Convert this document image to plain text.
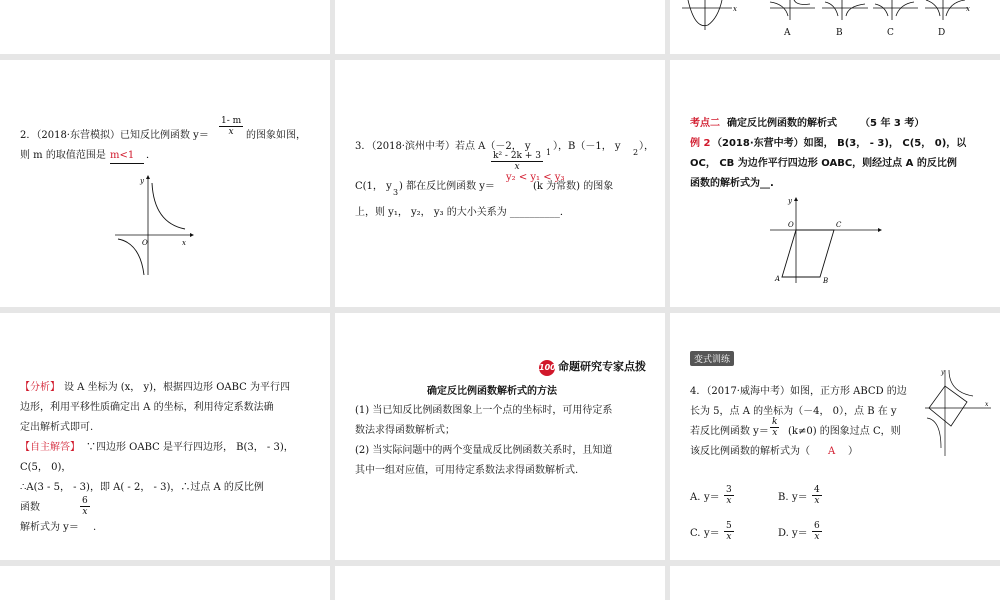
x	x
A	B	C	D
2．（2018·东营模拟）已知反比例函数 $y= \frac{1- m}{x}$ 的图象如图，
则 m 的取值范围是 m<1	．
y
O	x
3．（2018·滨州中考）若点 A（－2， y
1
），B（－1， y
2
），
$\frac{\text{k² - 2k + 3}}{x}$
y₂ < y₁ < y₃
C(1， y
3
) 都在反比例函数 y＝	(k 为常数) 的图象
上，则 y₁， y₂， y₃ 的大小关系为 __________．
考点二 确定反比例函数的解析式 （5 年 3 考）
例 2 （2018·东营中考）如图， B(3， - 3)， C(5， 0)，以
OC， CB 为边作平行四边形 OABC，则经过点 A 的反比例
函数的解析式为__.
y
O	C
A	B
【分析】 设 A 坐标为 (x， y)，根据四边形 OABC 为平行四
边形，利用平移性质确定出 A 的坐标，利用待定系数法确
定出解析式即可.
【自主解答】 ∵四边形 OABC 是平行四边形， B(3， - 3)，
C(5， 0)，
∴A(3 - 5， - 3)，即 A( - 2， - 3)，∴过点 A 的反比例
函数	$\frac{6}{x}$
解析式为 y＝ .
100 命题研究专家点拨
确定反比例函数解析式的方法
(1) 当已知反比例函数图象上一个点的坐标时，可用待定系
数法求得函数解析式；
(2) 当实际问题中的两个变量成反比例函数关系时，且知道
其中一组对应值，可用待定系数法求得函数解析式.
变式训练
4．（2017·威海中考）如图，正方形 ABCD 的边
长为 5，点 A 的坐标为（－4， 0），点 B 在 y
若反比例函数 $y= \frac{k}{x} (k\ne 0)$ 的图象过点 C，则
该反比例函数的解析式为（ A ）
y
x
A. $y= \frac{3}{x}$	B. $y= \frac{4}{x}$
C. $y= \frac{5}{x}$	D. $y= \frac{6}{x}$
